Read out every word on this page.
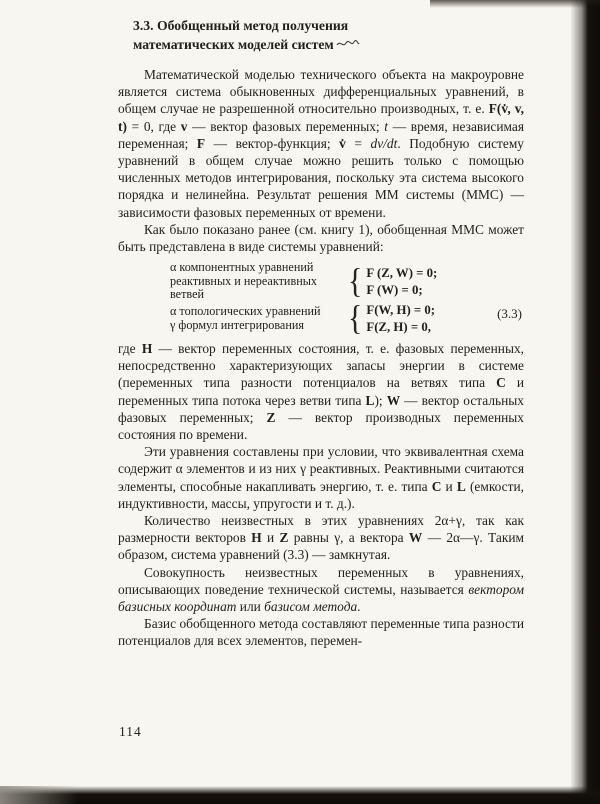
3.3. Обобщенный метод получения
математических моделей систем

Математической моделью технического объекта на макроуровне является система обыкновенных дифференциальных уравнений, в общем случае не разрешенной относительно производных, т. е. F(v̇, v, t) = 0, где v — вектор фазовых переменных; t — время, независимая переменная; F — вектор-функция; v̇ = dv/dt. Подобную систему уравнений в общем случае можно решить только с помощью численных методов интегрирования, поскольку эта система высокого порядка и нелинейна. Результат решения ММ системы (ММС) — зависимости фазовых переменных от времени.

Как было показано ранее (см. книгу 1), обобщенная ММС может быть представлена в виде системы уравнений:

α компонентных уравнений
реактивных и нереактивных
ветвей	{ F (Z, W) = 0;
F (W) = 0;
(3.3)
α топологических уравнений
γ формул интегрирования	{ F(W, H) = 0;
F(Z, H) = 0,

где H — вектор переменных состояния, т. е. фазовых переменных, непосредственно характеризующих запасы энергии в системе (переменных типа разности потенциалов на ветвях типа C и переменных типа потока через ветви типа L); W — вектор остальных фазовых переменных; Z — вектор производных переменных состояния по времени.

Эти уравнения составлены при условии, что эквивалентная схема содержит α элементов и из них γ реактивных. Реактивными считаются элементы, способные накапливать энергию, т. е. типа C и L (емкости, индуктивности, массы, упругости и т. д.).

Количество неизвестных в этих уравнениях 2α+γ, так как размерности векторов H и Z равны γ, а вектора W — 2α—γ. Таким образом, система уравнений (3.3) — замкнутая.

Совокупность неизвестных переменных в уравнениях, описывающих поведение технической системы, называется вектором базисных координат или базисом метода.

Базис обобщенного метода составляют переменные типа разности потенциалов для всех элементов, перемен-

114
